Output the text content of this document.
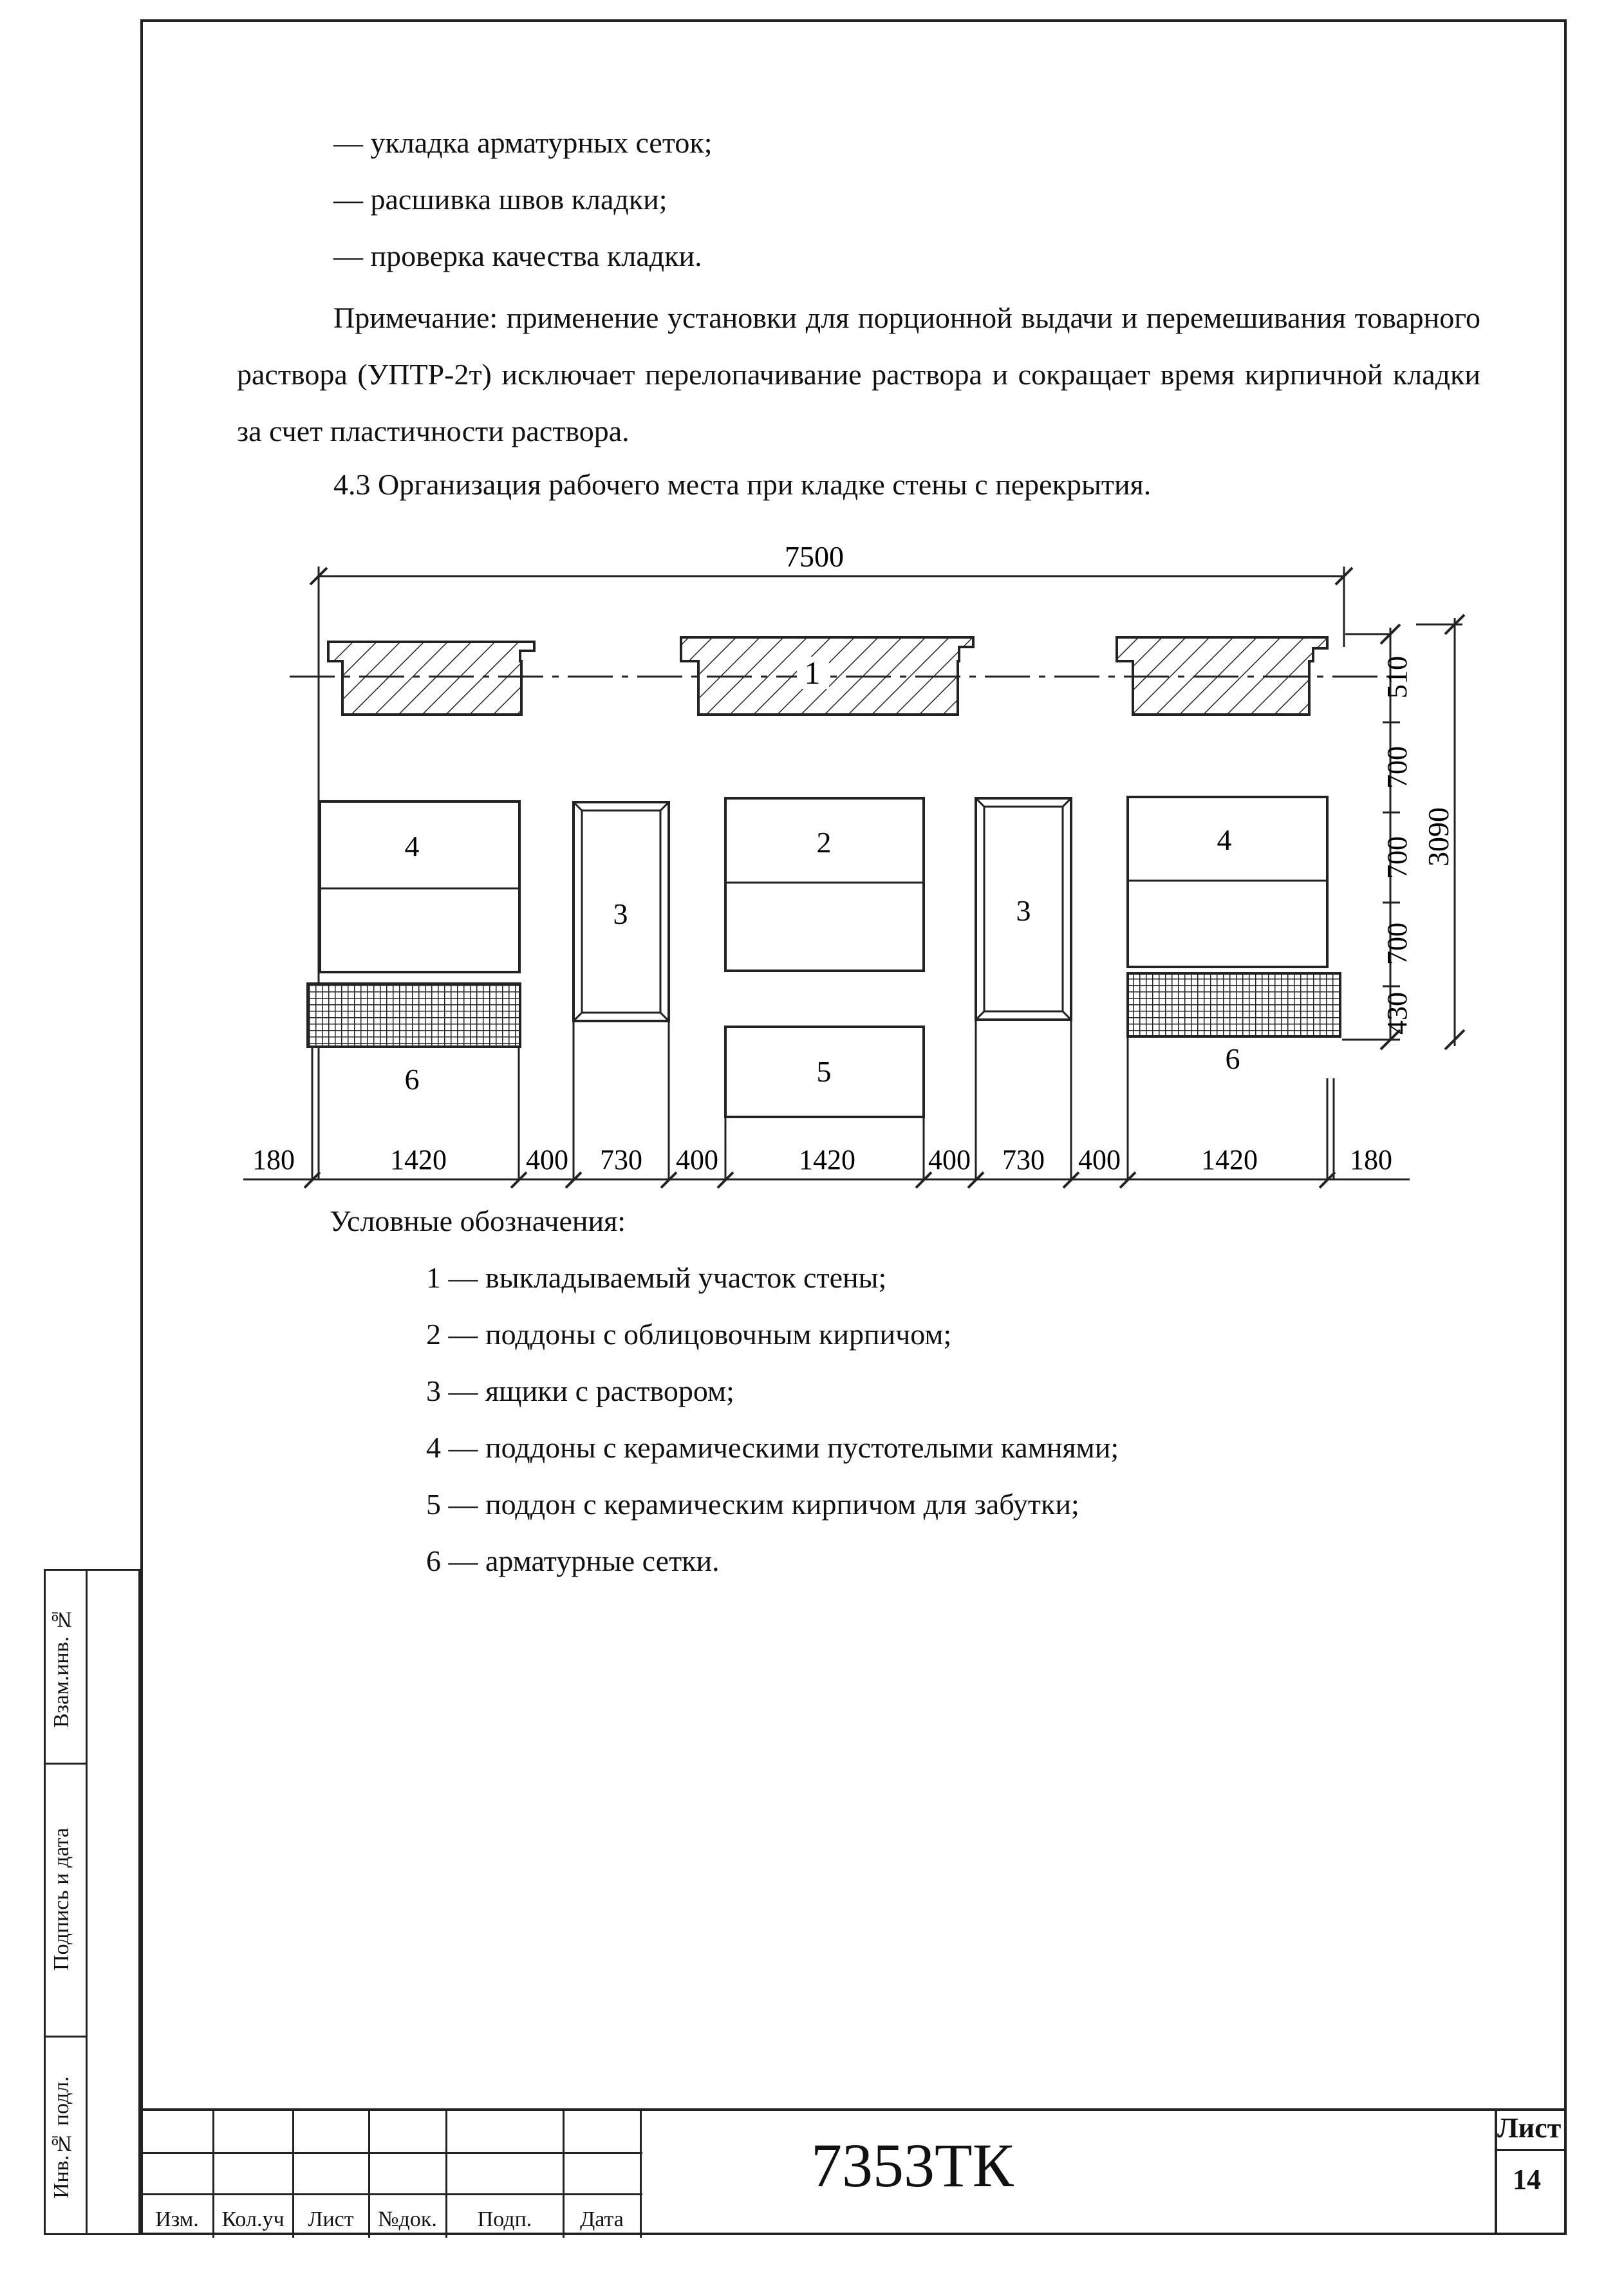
— укладка арматурных сеток;
— расшивка швов кладки;
— проверка качества кладки.
Примечание: применение установки для порционной выдачи и перемешивания товарного раствора (УПТР-2т) исключает перелопачивание раствора и сокращает время кирпичной кладки за счет пластичности раствора.
4.3 Организация рабочего места при кладке стены с перекрытия.
7500
1
4
6
3
2
5
3
4
6
510
700
700
700
430
3090
180	1420	400 730 400	1420	400 730 400	1420	180
Условные обозначения:
1 — выкладываемый участок стены;
2 — поддоны с облицовочным кирпичом;
3 — ящики с раствором;
4 — поддоны с керамическими пустотелыми камнями;
5 — поддон с керамическим кирпичом для забутки;
6 — арматурные сетки.
Взам.инв. №
Подпись и дата
Инв.№ подл.
Изм.	Кол.уч	Лист	№док.	Подп.	Дата
7353ТК
Лист
14
